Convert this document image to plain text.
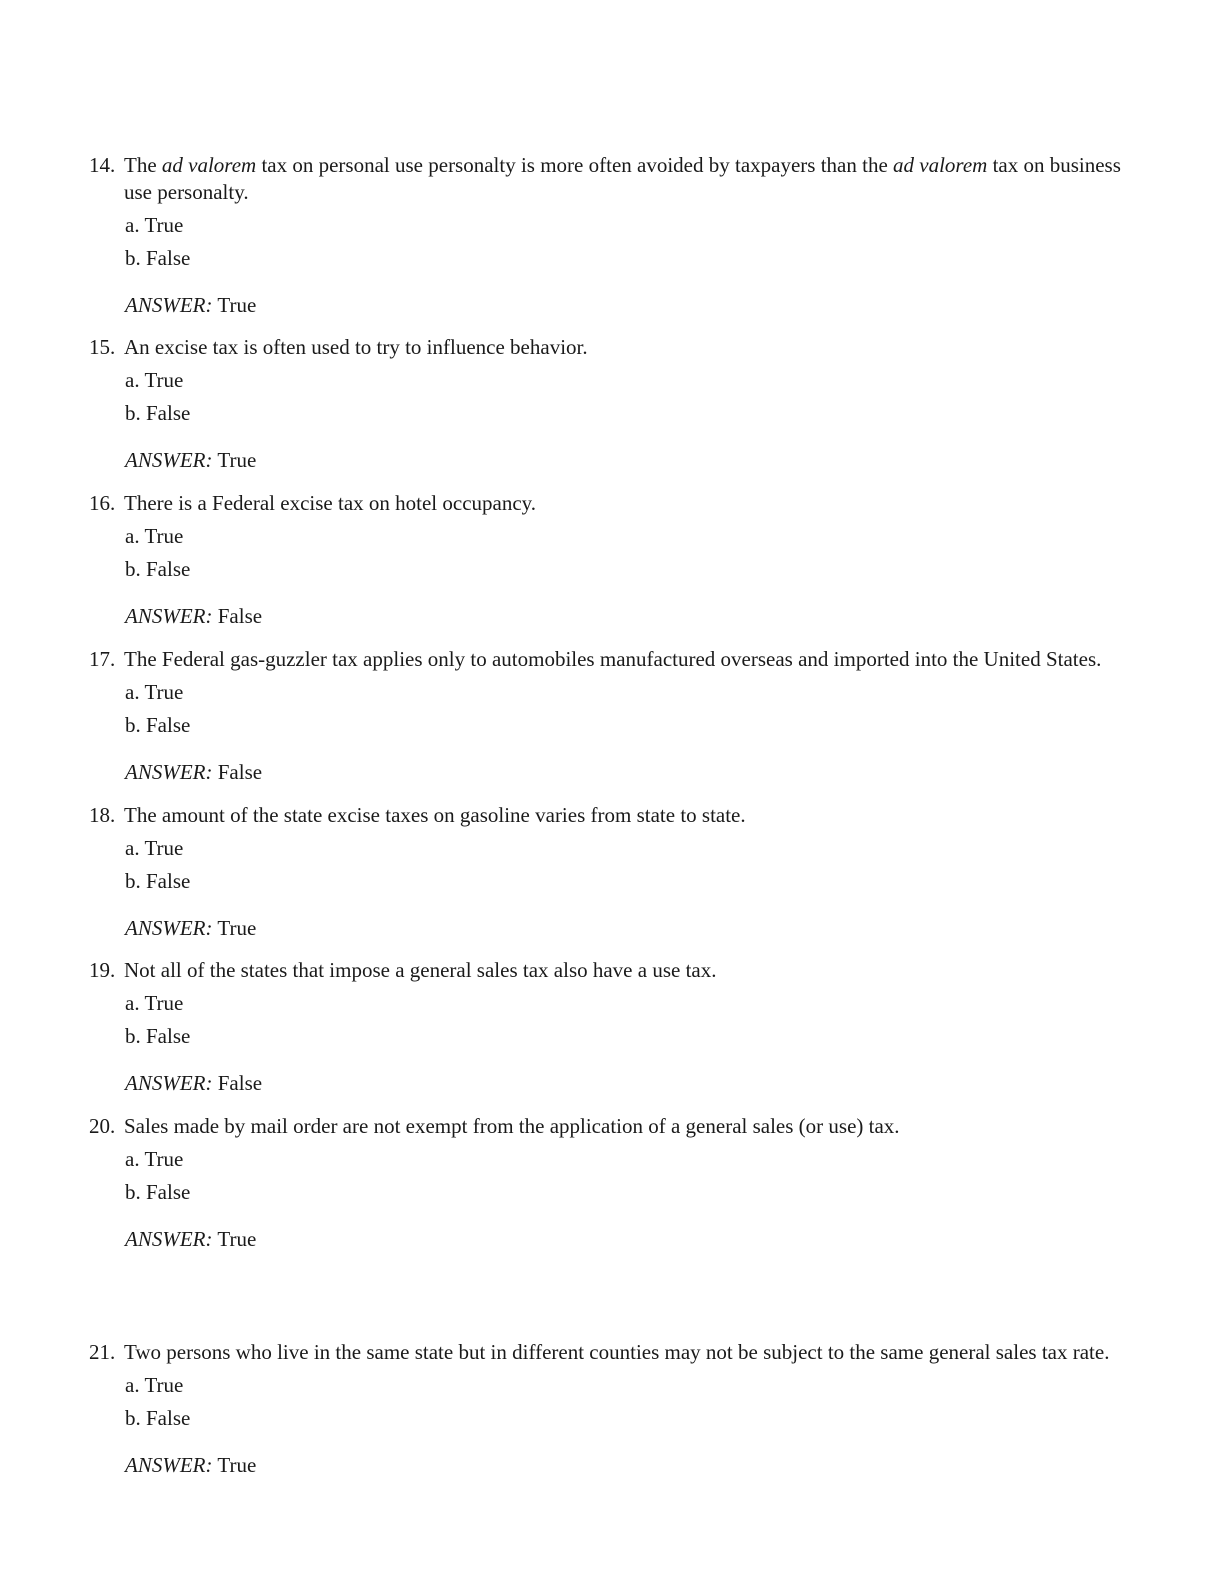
14. The ad valorem tax on personal use personalty is more often avoided by taxpayers than the ad valorem tax on business use personalty.
a. True
b. False
ANSWER: True
15. An excise tax is often used to try to influence behavior.
a. True
b. False
ANSWER: True
16. There is a Federal excise tax on hotel occupancy.
a. True
b. False
ANSWER: False
17. The Federal gas-guzzler tax applies only to automobiles manufactured overseas and imported into the United States.
a. True
b. False
ANSWER: False
18. The amount of the state excise taxes on gasoline varies from state to state.
a. True
b. False
ANSWER: True
19. Not all of the states that impose a general sales tax also have a use tax.
a. True
b. False
ANSWER: False
20. Sales made by mail order are not exempt from the application of a general sales (or use) tax.
a. True
b. False
ANSWER: True
21. Two persons who live in the same state but in different counties may not be subject to the same general sales tax rate.
a. True
b. False
ANSWER: True
